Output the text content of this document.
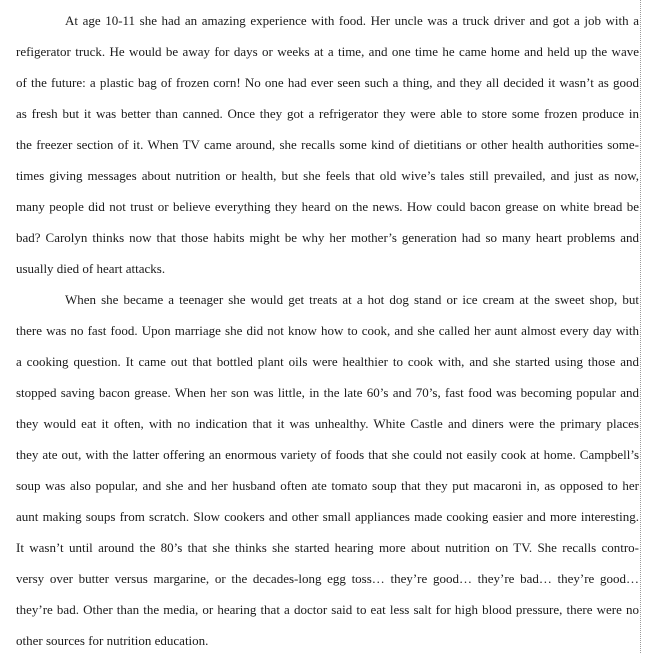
At age 10-11 she had an amazing experience with food. Her uncle was a truck driver and got a job with a
refigerator truck. He would be away for days or weeks at a time, and one time he came home and held up the wave
of the future: a plastic bag of frozen corn! No one had ever seen such a thing, and they all decided it wasn’t as good
as fresh but it was better than canned. Once they got a refrigerator they were able to store some frozen produce in
the freezer section of it. When TV came around, she recalls some kind of dietitians or other health authorities some-
times giving messages about nutrition or health, but she feels that old wive’s tales still prevailed, and just as now,
many people did not trust or believe everything they heard on the news. How could bacon grease on white bread be
bad? Carolyn thinks now that those habits might be why her mother’s generation had so many heart problems and
usually died of heart attacks.
When she became a teenager she would get treats at a hot dog stand or ice cream at the sweet shop, but
there was no fast food. Upon marriage she did not know how to cook, and she called her aunt almost every day with
a cooking question. It came out that bottled plant oils were healthier to cook with, and she started using those and
stopped saving bacon grease. When her son was little, in the late 60’s and 70’s, fast food was becoming popular and
they would eat it often, with no indication that it was unhealthy. White Castle and diners were the primary places
they ate out, with the latter offering an enormous variety of foods that she could not easily cook at home. Campbell’s
soup was also popular, and she and her husband often ate tomato soup that they put macaroni in, as opposed to her
aunt making soups from scratch. Slow cookers and other small appliances made cooking easier and more interesting.
It wasn’t until around the 80’s that she thinks she started hearing more about nutrition on TV. She recalls contro-
versy over butter versus margarine, or the decades-long egg toss… they’re good… they’re bad… they’re good…
they’re bad. Other than the media, or hearing that a doctor said to eat less salt for high blood pressure, there were no
other sources for nutrition education.
